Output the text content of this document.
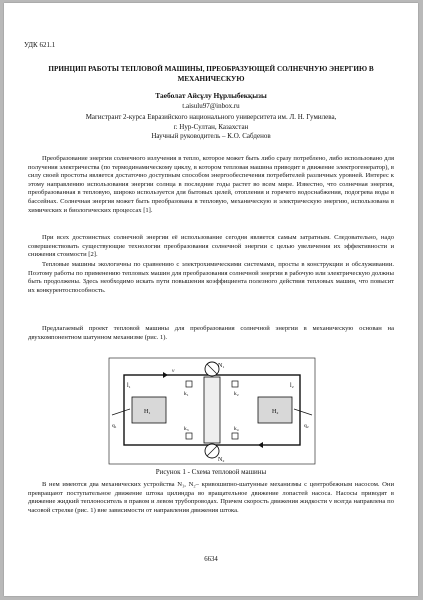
УДК 621.1
ПРИНЦИП РАБОТЫ ТЕПЛОВОЙ МАШИНЫ, ПРЕОБРАЗУЮЩЕЙ СОЛНЕЧНУЮ ЭНЕРГИЮ В МЕХАНИЧЕСКУЮ
Таеболат Айсұлу Нұрлыбекқызы
t.aisulu97@inbox.ru
Магистрант 2-курса Евразийского национального университета им. Л. Н. Гумилева,
г. Нур-Султан, Казахстан
Научный руководитель – К.О. Сабденов
Преобразование энергии солнечного излучения в тепло, которое может быть либо сразу потреблено, либо использовано для получения электричества (по термодинамическому циклу, в котором тепловая машина приводит в движение электрогенератор), в силу своей простоты является достаточно доступным способом энергообеспечения потребителей различных уровней. Интерес к этому направлению использования энергии солнца в последние годы растет во всем мире. Известно, что солнечная энергия, преобразованная в тепловую, широко используется для бытовых целей, отопления и горячего водоснабжения, подогрева воды в бассейнах. Солнечная энергия может быть преобразована в тепловую, механическую и электрическую энергию, использована в химических и биологических процессах [1].
При всех достоинствах солнечной энергии её использование сегодня является самым затратным. Следовательно, надо совершенствовать существующие технологии преобразования солнечной энергии с целью увеличения их эффективности и снижения стоимости [2].
Тепловые машины экологичны по сравнению с электрохимическими системами, просты в конструкции и обслуживании. Поэтому работы по применению тепловых машин для преобразования солнечной энергии в рабочую или электрическую должны быть продолжены. Здесь необходимо искать пути повышения коэффициента полезного действия тепловых машин, что повысит их конкурентоспособность.
Предлагаемый проект тепловой машины для преобразования солнечной энергии в механическую основан на двухкомпонентном шатунном механизме (рис. 1).
N₁
N₂
l₁	l₂
H₁	H₂
k₁	k₂
k₃	k₄
v
q₁	q₂
Рисунок 1 - Схема тепловой машины
В нем имеются два механических устройства N₁, N₂– кривошипно-шатунные механизмы с центробежным насосом. Они превращают поступательное движение штока цилиндра во вращательное движение лопастей насоса. Насосы приводят в движение жидкий теплоноситель в правом и левом трубопроводах. Причем скорость движения жидкости v всегда направлена по часовой стрелке (рис. 1) вне зависимости от направления движения штока.
6634
